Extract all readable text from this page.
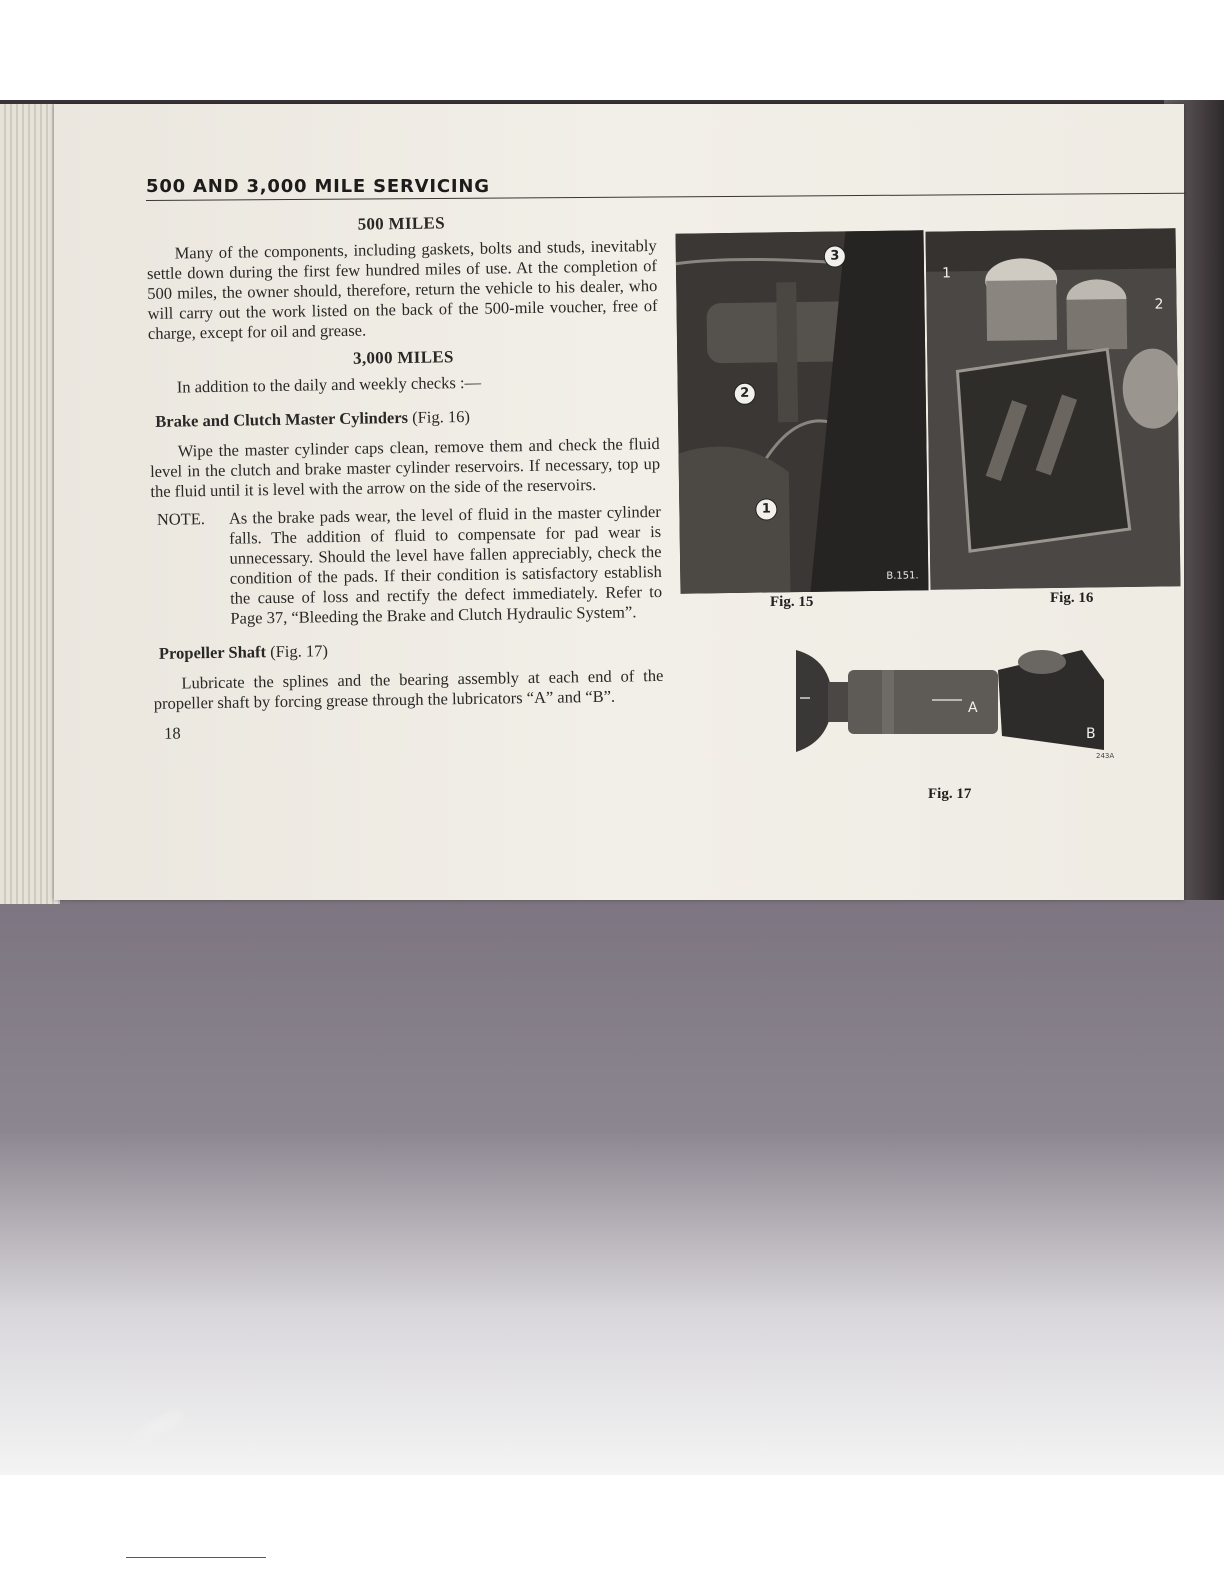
500 AND 3,000 MILE SERVICING
500 MILES

Many of the components, including gaskets, bolts and studs, inevitably settle down during the first few hundred miles of use. At the completion of 500 miles, the owner should, therefore, return the vehicle to his dealer, who will carry out the work listed on the back of the 500-mile voucher, free of charge, except for oil and grease.

3,000 MILES

In addition to the daily and weekly checks :—

Brake and Clutch Master Cylinders (Fig. 16)

Wipe the master cylinder caps clean, remove them and check the fluid level in the clutch and brake master cylinder reservoirs. If necessary, top up the fluid until it is level with the arrow on the side of the reservoirs.

NOTE.	As the brake pads wear, the level of fluid in the master cylinder falls. The addition of fluid to compensate for pad wear is unnecessary. Should the level have fallen appreciably, check the condition of the pads. If their condition is satisfactory establish the cause of loss and rectify the defect immediately. Refer to Page 37, “Bleeding the Brake and Clutch Hydraulic System”.
Propeller Shaft (Fig. 17)

Lubricate the splines and the bearing assembly at each end of the propeller shaft by forcing grease through the lubricators “A” and “B”.

18
3
2
1
B.151.
Fig. 15
1
2
Fig. 16
A
B
243A
Fig. 17
